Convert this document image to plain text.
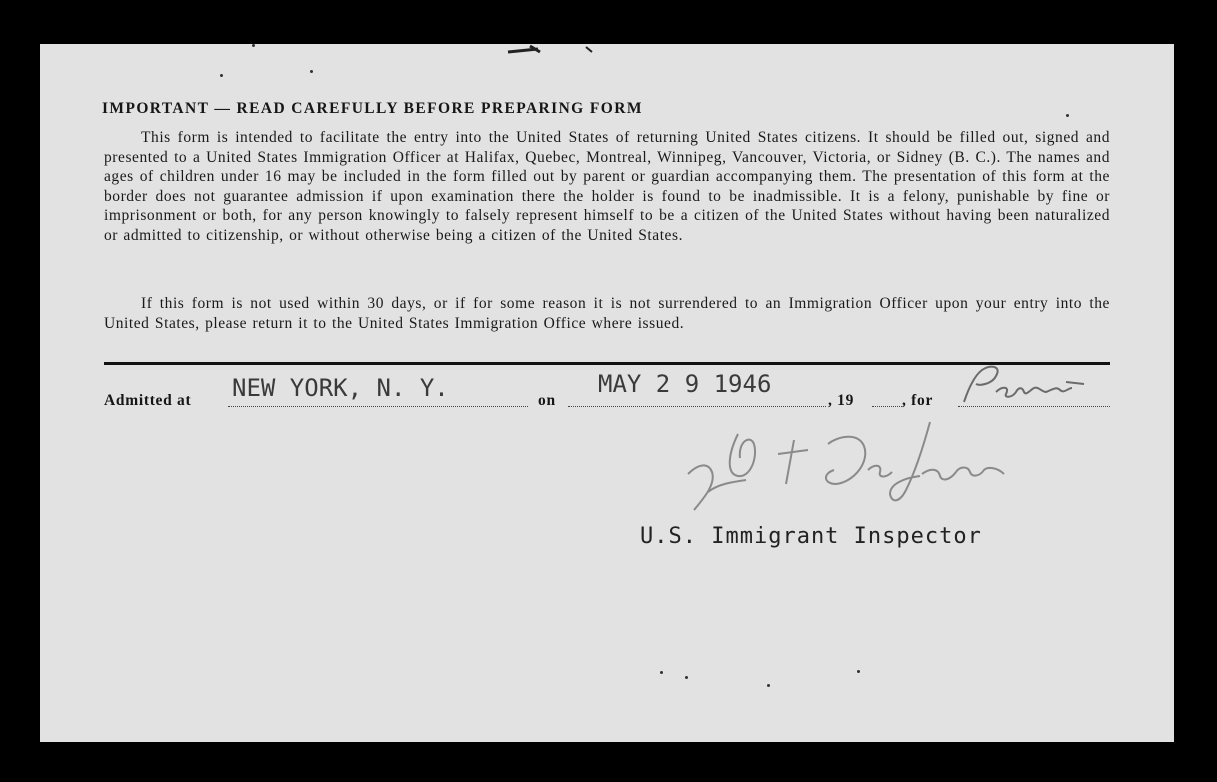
IMPORTANT — READ CAREFULLY BEFORE PREPARING FORM
This form is intended to facilitate the entry into the United States of returning United States citizens. It should be filled out, signed and presented to a United States Immigration Officer at Halifax, Quebec, Montreal, Winnipeg, Vancouver, Victoria, or Sidney (B. C.). The names and ages of children under 16 may be included in the form filled out by parent or guardian accompanying them. The presentation of this form at the border does not guarantee admission if upon examination there the holder is found to be inadmissible. It is a felony, punishable by fine or imprisonment or both, for any person knowingly to falsely represent himself to be a citizen of the United States without having been naturalized or admitted to citizenship, or without otherwise being a citizen of the United States.
If this form is not used within 30 days, or if for some reason it is not surrendered to an Immigration Officer upon your entry into the United States, please return it to the United States Immigration Office where issued.
Admitted at NEW YORK, N. Y.	on
MAY 2 9 1946
, 19	, for
U.S. Immigrant Inspector
